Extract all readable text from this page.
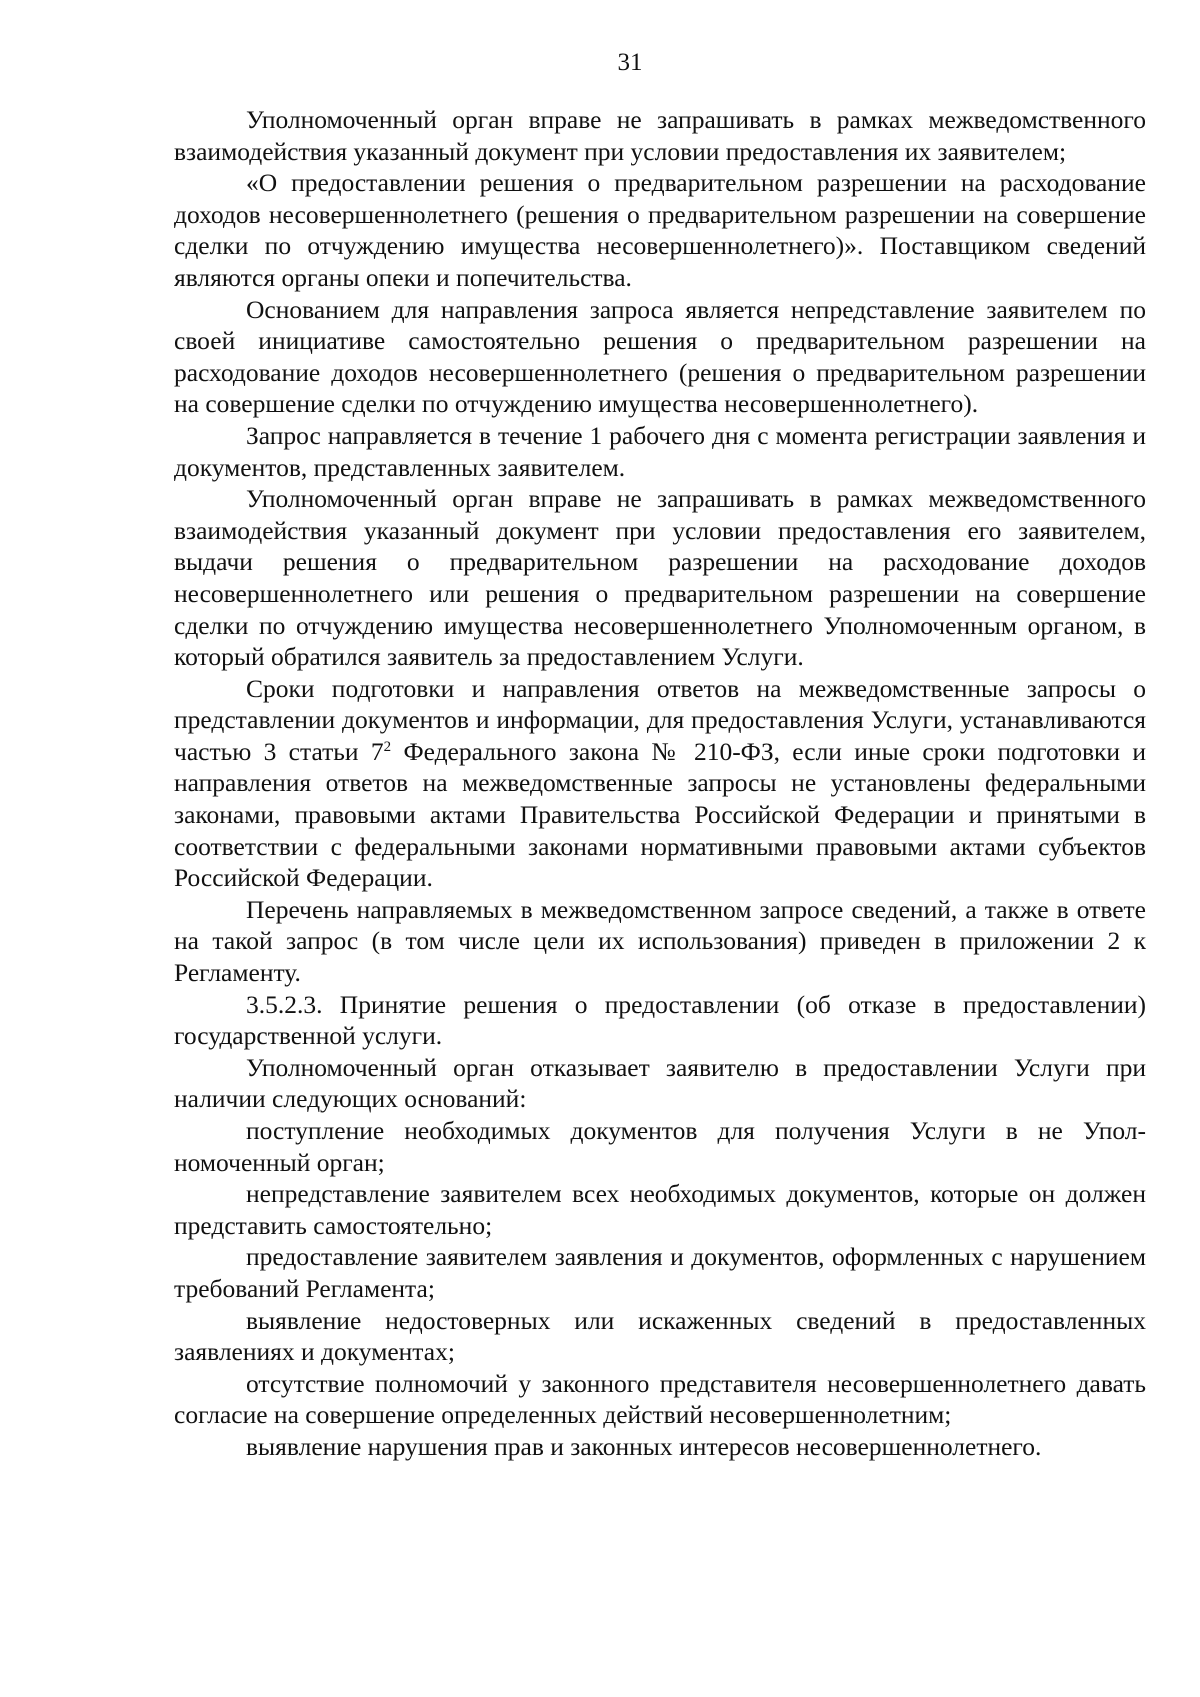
31

Уполномоченный орган вправе не запрашивать в рамках межведомственного взаимодействия указанный документ при условии предоставления их заявителем;

«О предоставлении решения о предварительном разрешении на расходование доходов несовершеннолетнего (решения о предварительном разрешении на совершение сделки по отчуждению имущества несовершеннолетнего)». Поставщиком сведений являются органы опеки и попечительства.

Основанием для направления запроса является непредставление заявителем по своей инициативе самостоятельно решения о предварительном разрешении на расходование доходов несовершеннолетнего (решения о предварительном разрешении на совершение сделки по отчуждению имущества несовершеннолетнего).

Запрос направляется в течение 1 рабочего дня с момента регистрации заявления и документов, представленных заявителем.

Уполномоченный орган вправе не запрашивать в рамках межведомственного взаимодействия указанный документ при условии предоставления его заявителем, выдачи решения о предварительном разрешении на расходование доходов несовершеннолетнего или решения о предварительном разрешении на совершение сделки по отчуждению имущества несовершеннолетнего Уполномоченным органом, в который обратился заявитель за предоставлением Услуги.

Сроки подготовки и направления ответов на межведомственные запросы о представлении документов и информации, для предоставления Услуги, устанавливаются частью 3 статьи $7^2$ Федерального закона № 210-ФЗ, если иные сроки подготовки и направления ответов на межведомственные запросы не установлены федеральными законами, правовыми актами Правительства Российской Федерации и принятыми в соответствии с федеральными законами нормативными правовыми актами субъектов Российской Федерации.

Перечень направляемых в межведомственном запросе сведений, а также в ответе на такой запрос (в том числе цели их использования) приведен в приложении 2 к Регламенту.

3.5.2.3. Принятие решения о предоставлении (об отказе в предоставлении) государственной услуги.

Уполномоченный орган отказывает заявителю в предоставлении Услуги при наличии следующих оснований:

поступление необходимых документов для получения Услуги в не Уполномоченный орган;

непредставление заявителем всех необходимых документов, которые он должен представить самостоятельно;

предоставление заявителем заявления и документов, оформленных с нарушением требований Регламента;

выявление недостоверных или искаженных сведений в предоставленных заявлениях и документах;

отсутствие полномочий у законного представителя несовершеннолетнего давать согласие на совершение определенных действий несовершеннолетним;

выявление нарушения прав и законных интересов несовершеннолетнего.
